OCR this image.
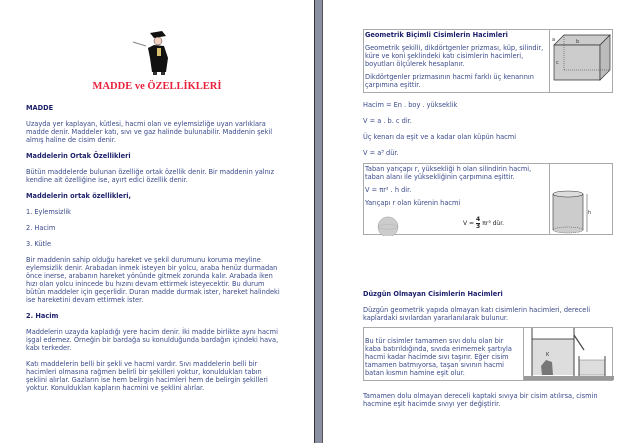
MADDE ve ÖZELLİKLERİ

MADDE

Uzayda yer kaplayan, kütlesi, hacmi olan ve eylemsizliğe uyan varlıklara madde denir. Maddeler katı, sıvı ve gaz halinde bulunabilir. Maddenin şekil almış haline de cisim denir.

Maddelerin Ortak Özellikleri

Bütün maddelerde bulunan özelliğe ortak özellik denir. Bir maddenin yalnız kendine ait özelliğine ise, ayırt edici özellik denir.

Maddelerin ortak özellikleri,

1. Eylemsizlik

2. Hacim

3. Kütle

Bir maddenin sahip olduğu hareket ve şekil durumunu koruma meyline eylemsizlik denir. Arabadan inmek isteyen bir yolcu, araba henüz durmadan önce inerse, arabanın hareket yönünde gitmek zorunda kalır. Arabada iken hızı olan yolcu inincede bu hızını devam ettirmek isteyecektir. Bu durum bütün maddeler için geçerlidir. Duran madde durmak ister, hareket halindeki ise hareketini devam ettirmek ister.

2. Hacim

Maddelerin uzayda kapladığı yere hacim denir. İki madde birlikte aynı hacmi işgal edemez. Örneğin bir bardağa su konulduğunda bardağın içindeki hava, kabı terkeder.

Katı maddelerin belli bir şekli ve hacmi vardır. Sıvı maddelerin belli bir hacimleri olmasına rağmen belirli bir şekilleri yoktur, konuldukları tabın şeklini alırlar. Gazların ise hem belirgin hacimleri hem de belirgin şekilleri yoktur. Konuldukları kapların hacmini ve şeklini alırlar.

Geometrik Biçimli Cisimlerin Hacimleri

Geometrik şekilli, dikdörtgenler prizması, küp, silindir, küre ve koni şeklindeki katı cisimlerin hacimleri, boyutları ölçülerek hesaplanır.

Dikdörtgenler prizmasının hacmi farklı üç kenarının çarpımına eşittir.

a	b
c

Hacim = En . boy . yükseklik

V = a . b. c dir.

Üç kenarı da eşit ve a kadar olan küpün hacmi

V = a³ dür.

Taban yarıçapı r, yüksekliği h olan silindirin hacmi, taban alanı ile yüksekliğinin çarpımına eşittir.

V = πr² . h dir.

Yarıçapı r olan kürenin hacmi

$V = \frac{4}{3} \pi r^3$ dür.
h

Düzgün Olmayan Cisimlerin Hacimleri

Düzgün geometrik yapıda olmayan katı cisimlerin hacimleri, dereceli kaplardaki sıvılardan yararlanılarak bulunur.

Bu tür cisimler tamamen sıvı dolu olan bir kaba batırıldığında, sıvıda erimemek şartıyla hacmi kadar hacimde sıvı taşırır. Eğer cisim tamamen batmıyorsa, taşan sıvının hacmi batan kısmın hamine eşit olur.

K

Tamamen dolu olmayan dereceli kaptaki sıvıya bir cisim atılırsa, cismin hacmine eşit hacimde sıvıyı yer değiştirir.
